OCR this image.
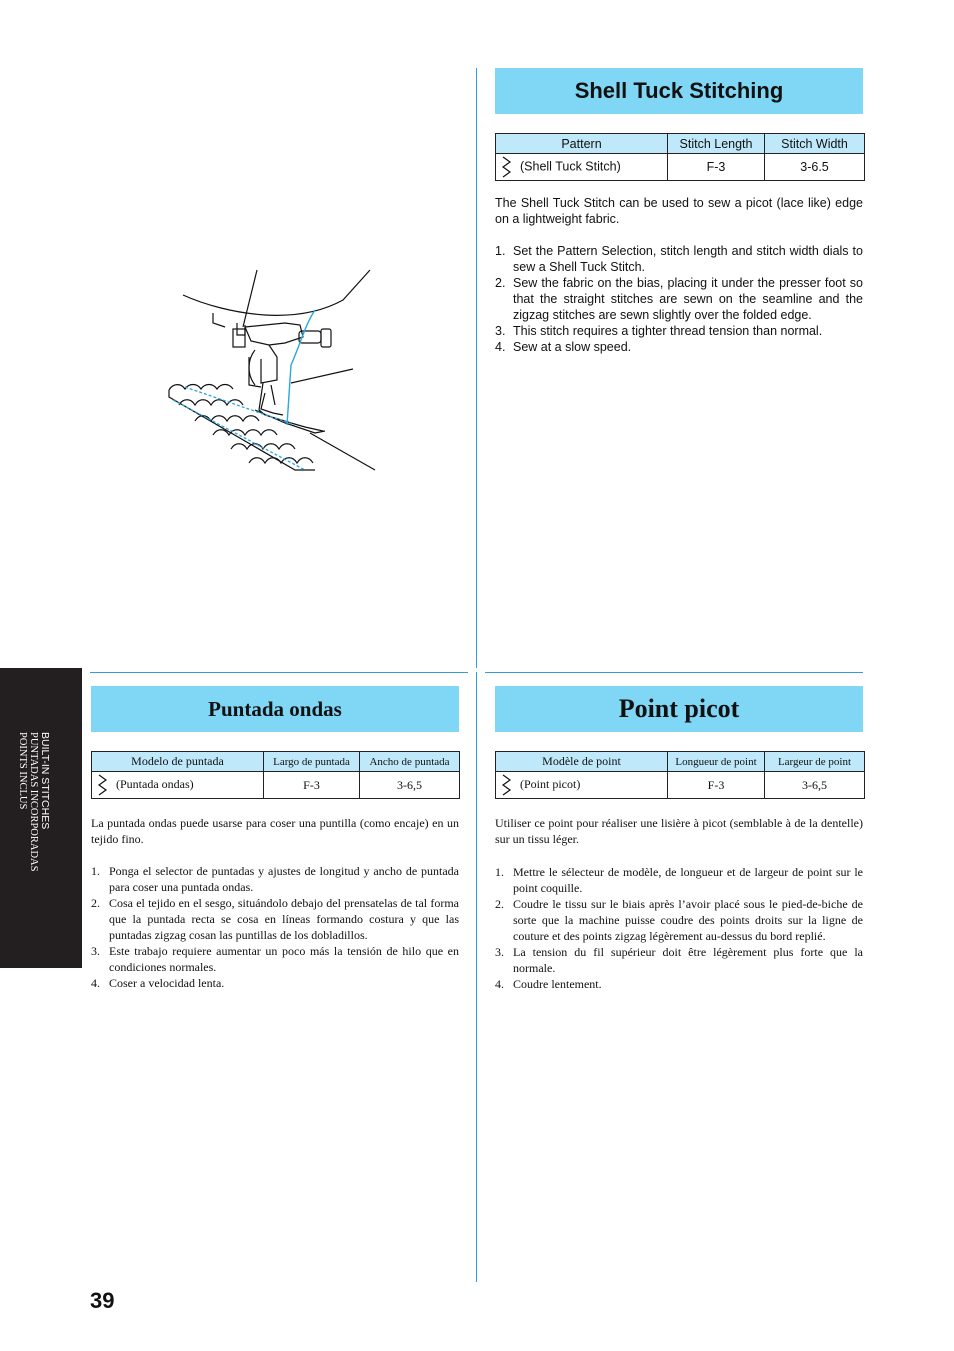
Shell Tuck Stitching
Pattern	Stitch Length	Stitch Width
(Shell Tuck Stitch)	F-3	3-6.5

The Shell Tuck Stitch can be used to sew a picot (lace like) edge on a lightweight fabric.

1. Set the Pattern Selection, stitch length and stitch width dials to sew a Shell Tuck Stitch.
2. Sew the fabric on the bias, placing it under the presser foot so that the straight stitches are sewn on the seamline and the zigzag stitches are sewn slightly over the folded edge.
3. This stitch requires a tighter thread tension than normal.
4. Sew at a slow speed.
Puntada ondas
Modelo de puntada	Largo de puntada	Ancho de puntada
(Puntada ondas)	F-3	3-6,5

La puntada ondas puede usarse para coser una puntilla (como encaje) en un tejido fino.

1. Ponga el selector de puntadas y ajustes de longitud y ancho de puntada para coser una puntada ondas.
2. Cosa el tejido en el sesgo, situándolo debajo del prensatelas de tal forma que la puntada recta se cosa en líneas formando costura y que las puntadas zigzag cosan las puntillas de los dobladillos.
3. Este trabajo requiere aumentar un poco más la tensión de hilo que en condiciones normales.
4. Coser a velocidad lenta.
Point picot
Modèle de point	Longueur de point	Largeur de point
(Point picot)	F-3	3-6,5

Utiliser ce point pour réaliser une lisière à picot (semblable à de la dentelle) sur un tissu léger.

1. Mettre le sélecteur de modèle, de longueur et de largeur de point sur le point coquille.
2. Coudre le tissu sur le biais après l’avoir placé sous le pied-de-biche de sorte que la machine puisse coudre des points droits sur la ligne de couture et des points zigzag légèrement au-dessus du bord replié.
3. La tension du fil supérieur doit être légèrement plus forte que la normale.
4. Coudre lentement.
BUILT-IN STITCHES
PUNTADAS INCORPORADAS
POINTS INCLUS
39
